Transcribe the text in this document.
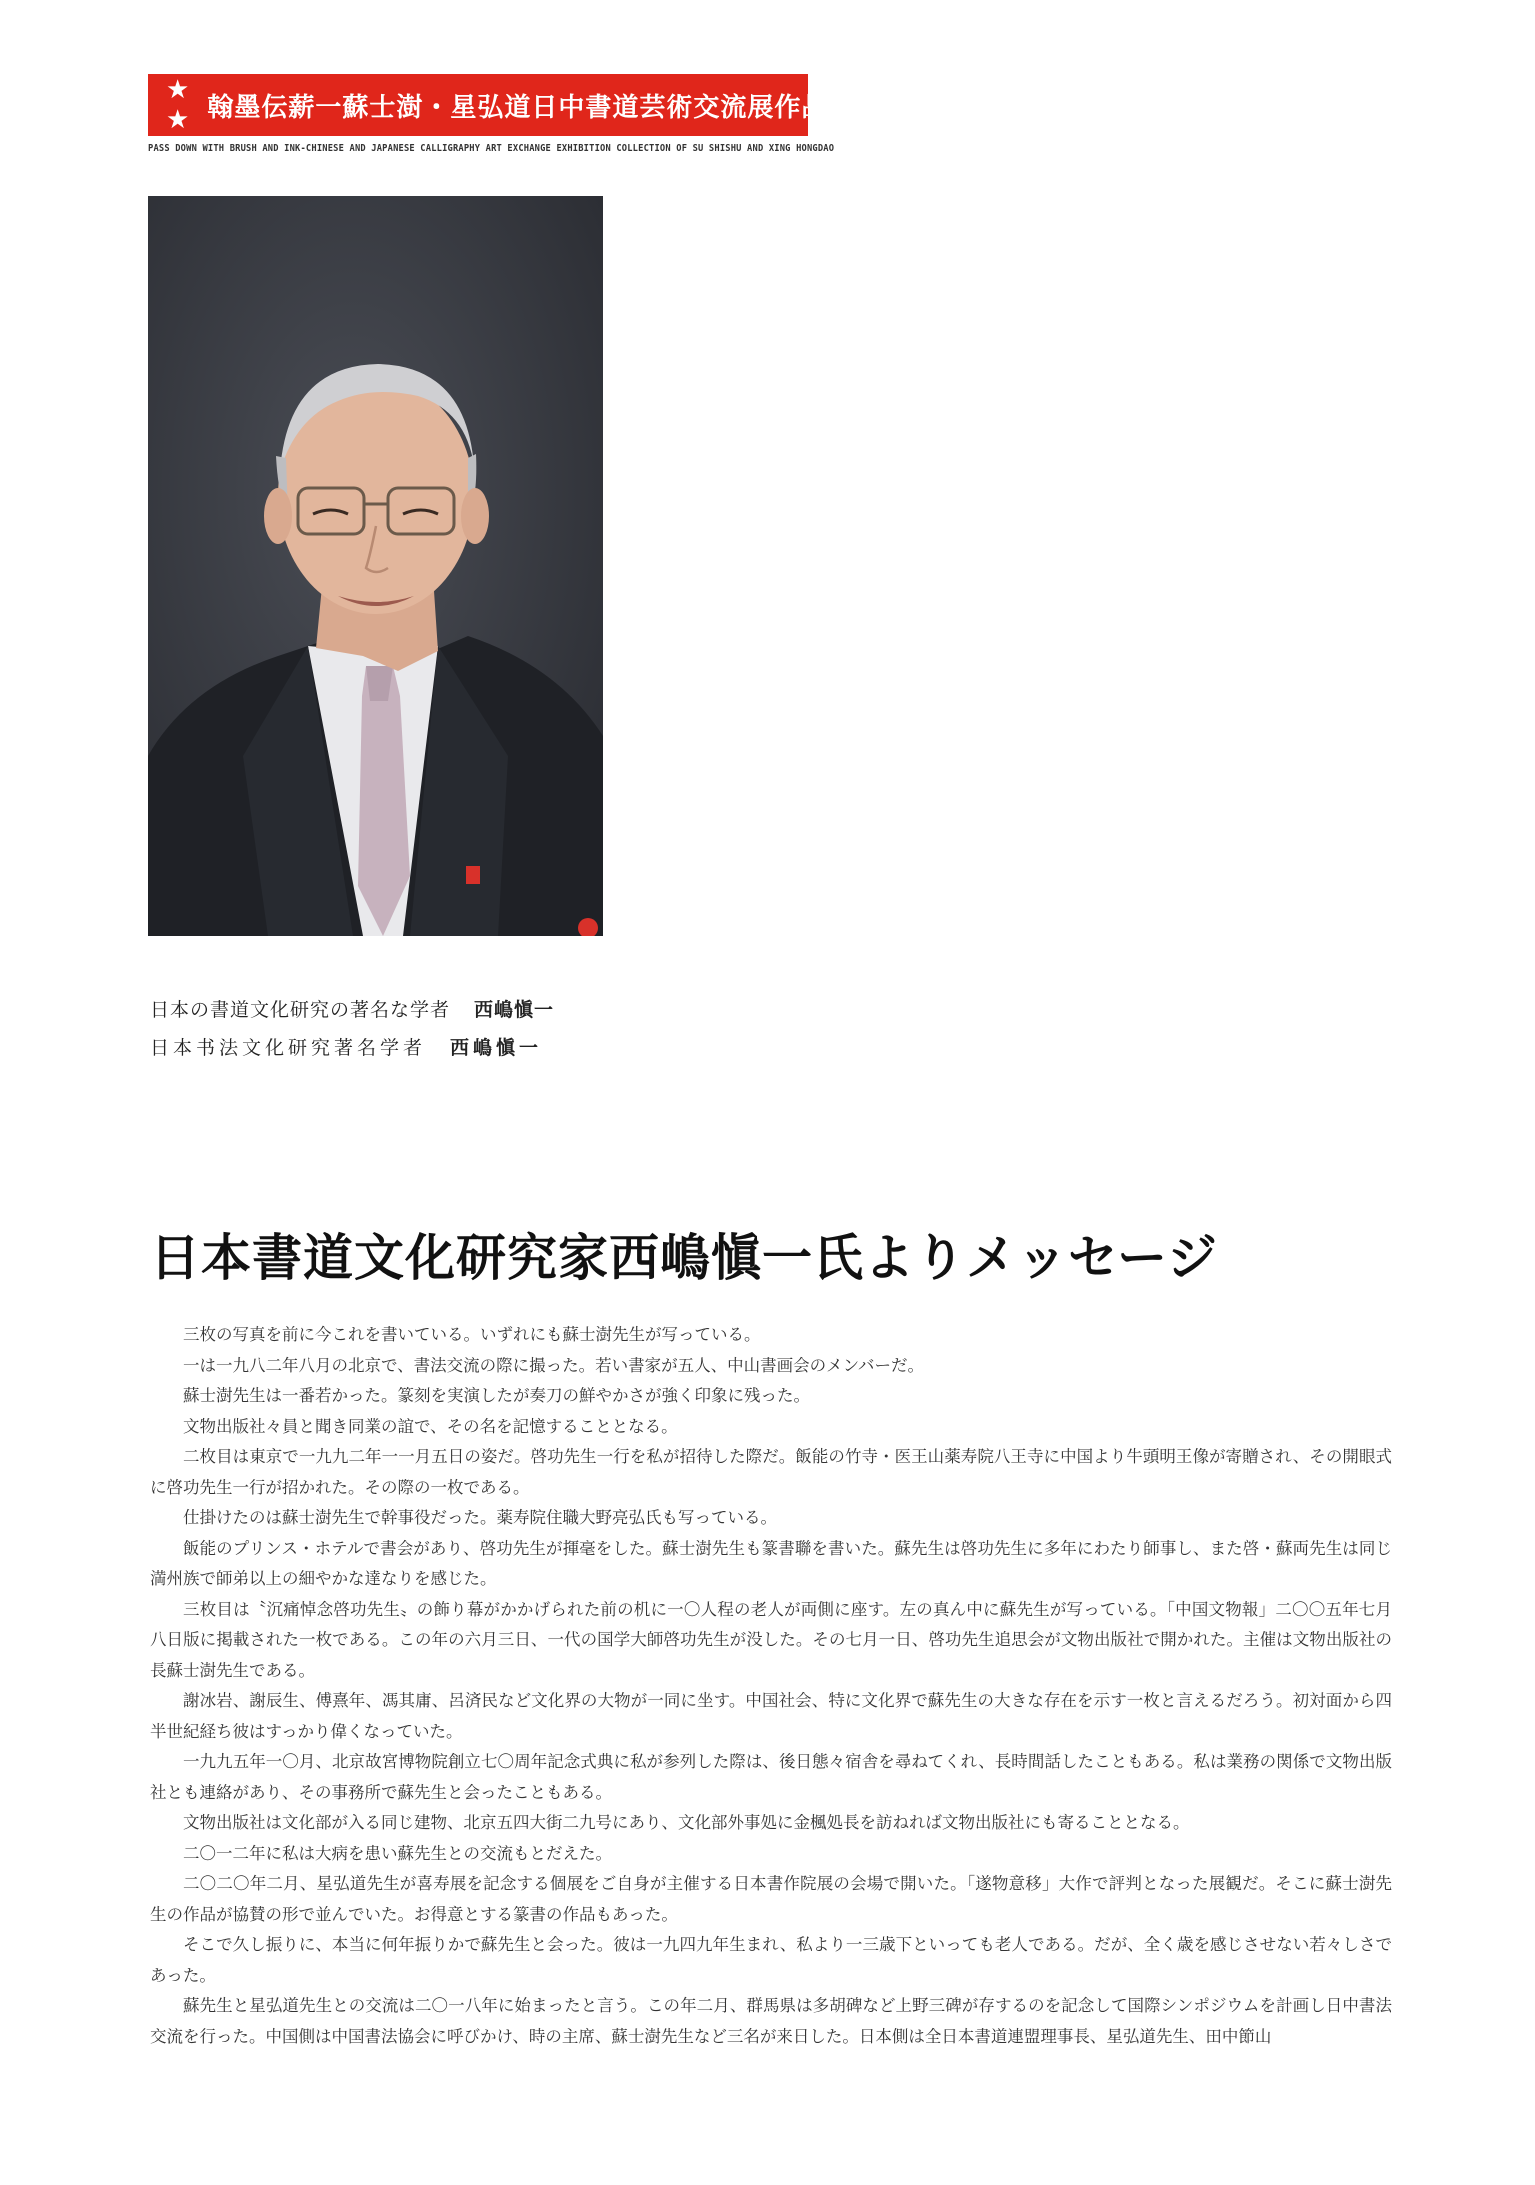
★ ★ 翰墨伝薪一蘇士澍・星弘道日中書道芸術交流展作品集
PASS DOWN WITH BRUSH AND INK-CHINESE AND JAPANESE CALLIGRAPHY ART EXCHANGE EXHIBITION COLLECTION OF SU SHISHU AND XING HONGDAO
日本の書道文化研究の著名な学者 西嶋愼一
日本书法文化研究著名学者 西嶋愼一
日本書道文化研究家西嶋愼一氏よりメッセージ

三枚の写真を前に今これを書いている。いずれにも蘇士澍先生が写っている。

一は一九八二年八月の北京で、書法交流の際に撮った。若い書家が五人、中山書画会のメンバーだ。

蘇士澍先生は一番若かった。篆刻を実演したが奏刀の鮮やかさが強く印象に残った。

文物出版社々員と聞き同業の誼で、その名を記憶することとなる。

二枚目は東京で一九九二年一一月五日の姿だ。啓功先生一行を私が招待した際だ。飯能の竹寺・医王山薬寿院八王寺に中国より牛頭明王像が寄贈され、その開眼式に啓功先生一行が招かれた。その際の一枚である。

仕掛けたのは蘇士澍先生で幹事役だった。薬寿院住職大野亮弘氏も写っている。

飯能のプリンス・ホテルで書会があり、啓功先生が揮毫をした。蘇士澍先生も篆書聯を書いた。蘇先生は啓功先生に多年にわたり師事し、また啓・蘇両先生は同じ満州族で師弟以上の細やかな達なりを感じた。

三枚目は〝沉痛悼念啓功先生〟の飾り幕がかかげられた前の机に一〇人程の老人が両側に座す。左の真ん中に蘇先生が写っている。「中国文物報」二〇〇五年七月八日版に掲載された一枚である。この年の六月三日、一代の国学大師啓功先生が没した。その七月一日、啓功先生追思会が文物出版社で開かれた。主催は文物出版社の長蘇士澍先生である。

謝冰岩、謝辰生、傅熹年、馮其庸、呂済民など文化界の大物が一同に坐す。中国社会、特に文化界で蘇先生の大きな存在を示す一枚と言えるだろう。初対面から四半世紀経ち彼はすっかり偉くなっていた。

一九九五年一〇月、北京故宮博物院創立七〇周年記念式典に私が参列した際は、後日態々宿舎を尋ねてくれ、長時間話したこともある。私は業務の関係で文物出版社とも連絡があり、その事務所で蘇先生と会ったこともある。

文物出版社は文化部が入る同じ建物、北京五四大街二九号にあり、文化部外事処に金楓処長を訪ねれば文物出版社にも寄ることとなる。

二〇一二年に私は大病を患い蘇先生との交流もとだえた。

二〇二〇年二月、星弘道先生が喜寿展を記念する個展をご自身が主催する日本書作院展の会場で開いた。「遂物意移」大作で評判となった展観だ。そこに蘇士澍先生の作品が協賛の形で並んでいた。お得意とする篆書の作品もあった。

そこで久し振りに、本当に何年振りかで蘇先生と会った。彼は一九四九年生まれ、私より一三歳下といっても老人である。だが、全く歳を感じさせない若々しさであった。

蘇先生と星弘道先生との交流は二〇一八年に始まったと言う。この年二月、群馬県は多胡碑など上野三碑が存するのを記念して国際シンポジウムを計画し日中書法交流を行った。中国側は中国書法協会に呼びかけ、時の主席、蘇士澍先生など三名が来日した。日本側は全日本書道連盟理事長、星弘道先生、田中節山
